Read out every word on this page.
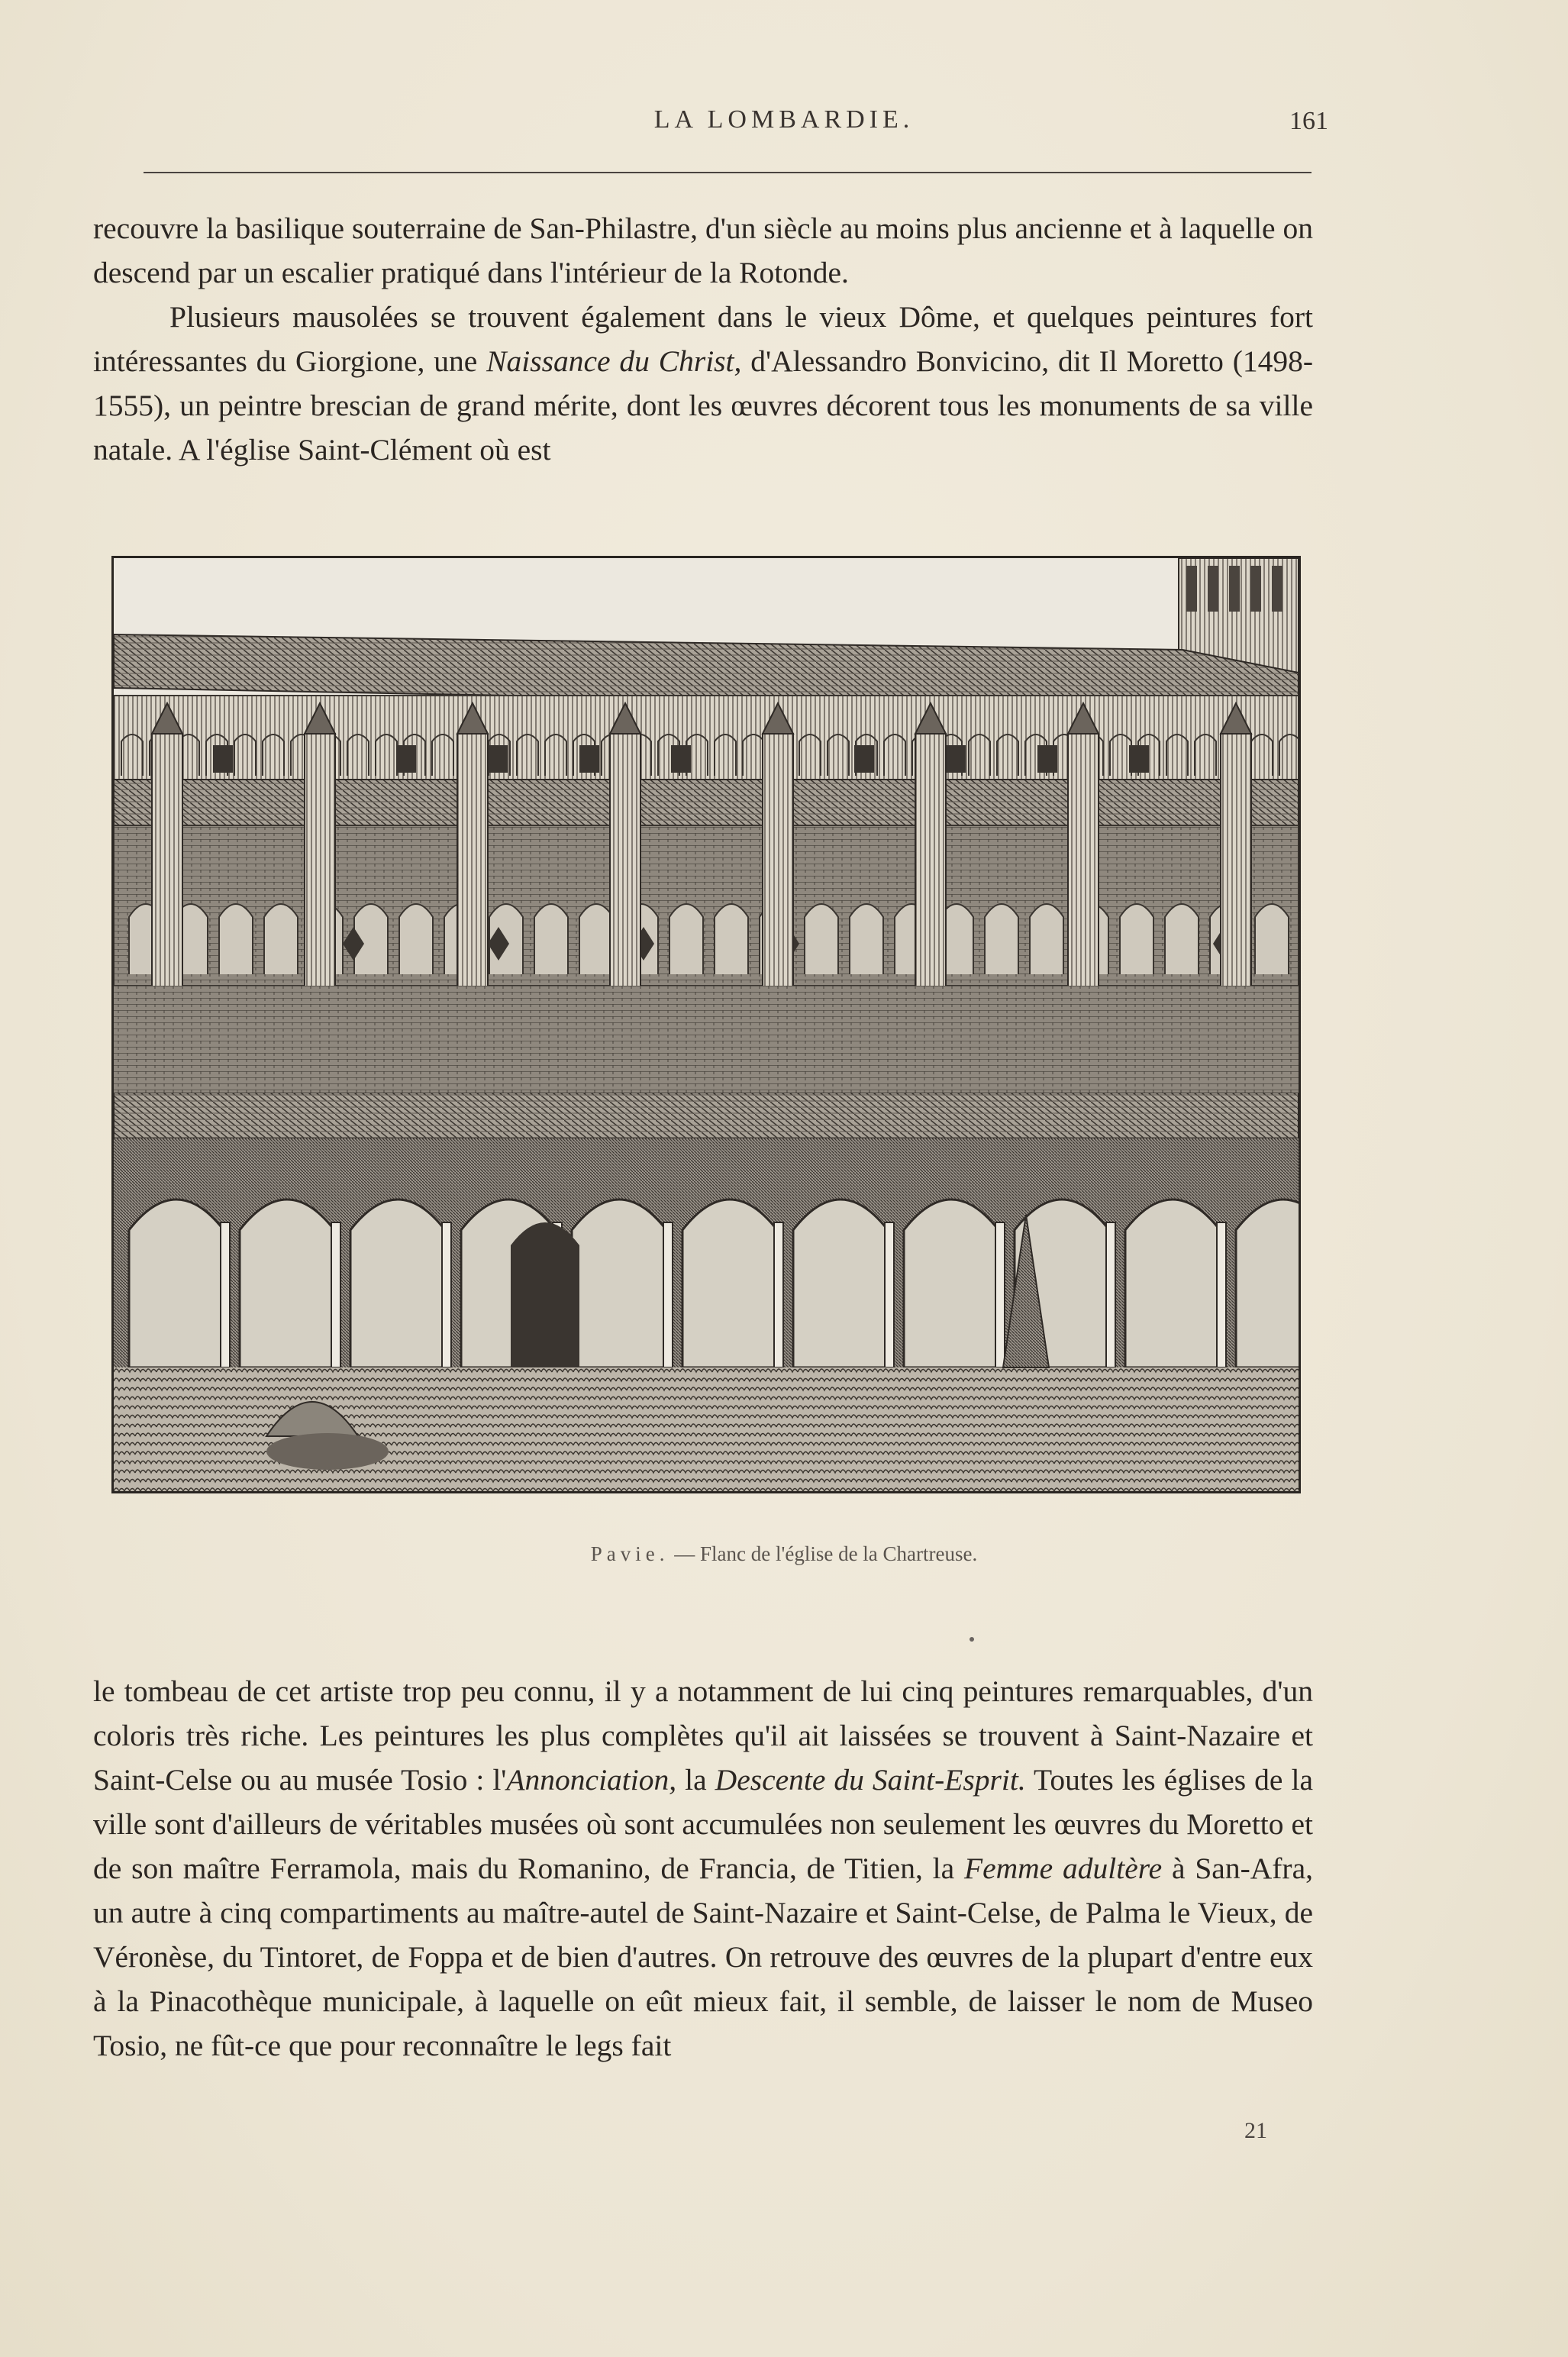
LA LOMBARDIE.	161

recouvre la basilique souterraine de San-Philastre, d'un siècle au moins plus ancienne et à laquelle on descend par un escalier pratiqué dans l'intérieur de la Rotonde.

Plusieurs mausolées se trouvent également dans le vieux Dôme, et quelques peintures fort intéressantes du Giorgione, une Naissance du Christ, d'Alessandro Bonvicino, dit Il Moretto (1498-1555), un peintre brescian de grand mérite, dont les œuvres décorent tous les monuments de sa ville natale. A l'église Saint-Clément où est

Pavie. — Flanc de l'église de la Chartreuse.

le tombeau de cet artiste trop peu connu, il y a notamment de lui cinq peintures remarquables, d'un coloris très riche. Les peintures les plus complètes qu'il ait laissées se trouvent à Saint-Nazaire et Saint-Celse ou au musée Tosio : l'Annonciation, la Descente du Saint-Esprit. Toutes les églises de la ville sont d'ailleurs de véritables musées où sont accumulées non seulement les œuvres du Moretto et de son maître Ferramola, mais du Romanino, de Francia, de Titien, la Femme adultère à San-Afra, un autre à cinq compartiments au maître-autel de Saint-Nazaire et Saint-Celse, de Palma le Vieux, de Véronèse, du Tintoret, de Foppa et de bien d'autres. On retrouve des œuvres de la plupart d'entre eux à la Pinacothèque municipale, à laquelle on eût mieux fait, il semble, de laisser le nom de Museo Tosio, ne fût-ce que pour reconnaître le legs fait

21
